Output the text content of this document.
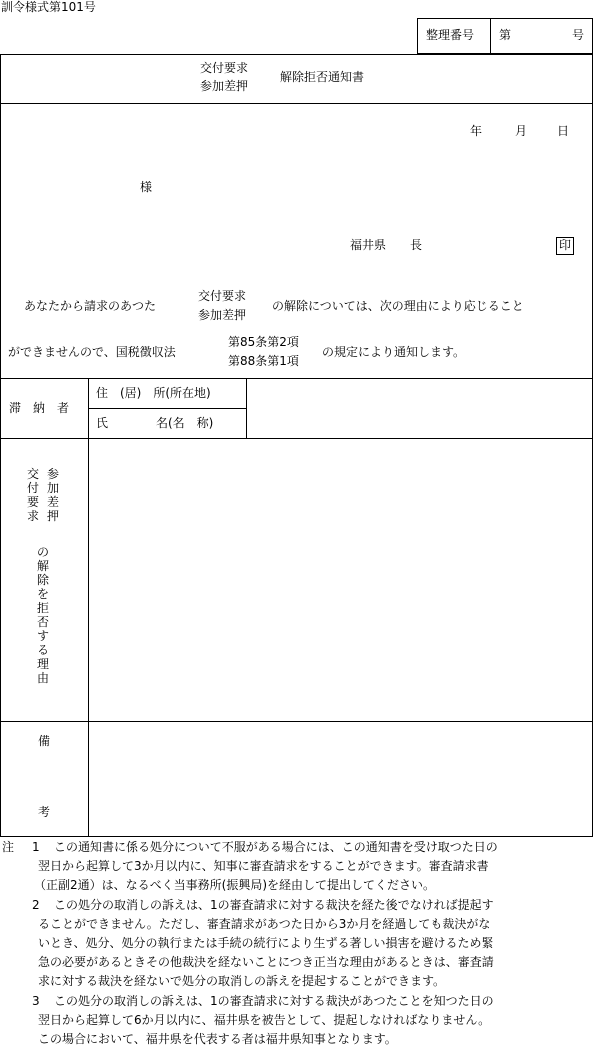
訓令様式第101号
整理番号 第	号
交付要求
参加差押
解除拒否通知書
年	月 日
様
福井県　　長	印
あなたから請求のあつた
交付要求
参加差押
の解除については、次の理由により応じること
ができませんので、国税徴収法
第85条第2項
第88条第1項
の規定により通知します。
滞　納　者
住　(居)　所(所在地)
氏　　　　名(名　称)
交
付
要
求
参
加
差
押
の
解
除
を
拒
否
す
る
理
由
備
考
注 1 この通知書に係る処分について不服がある場合には、この通知書を受け取つた日の
翌日から起算して3か月以内に、知事に審査請求をすることができます。審査請求書
（正副2通）は、なるべく当事務所(振興局)を経由して提出してください。
2 この処分の取消しの訴えは、1の審査請求に対する裁決を経た後でなければ提起す
ることができません。ただし、審査請求があつた日から3か月を経過しても裁決がな
いとき、処分、処分の執行または手続の続行により生ずる著しい損害を避けるため緊
急の必要があるときその他裁決を経ないことにつき正当な理由があるときは、審査請
求に対する裁決を経ないで処分の取消しの訴えを提起することができます。
3 この処分の取消しの訴えは、1の審査請求に対する裁決があつたことを知つた日の
翌日から起算して6か月以内に、福井県を被告として、提起しなければなりません。
この場合において、福井県を代表する者は福井県知事となります。
